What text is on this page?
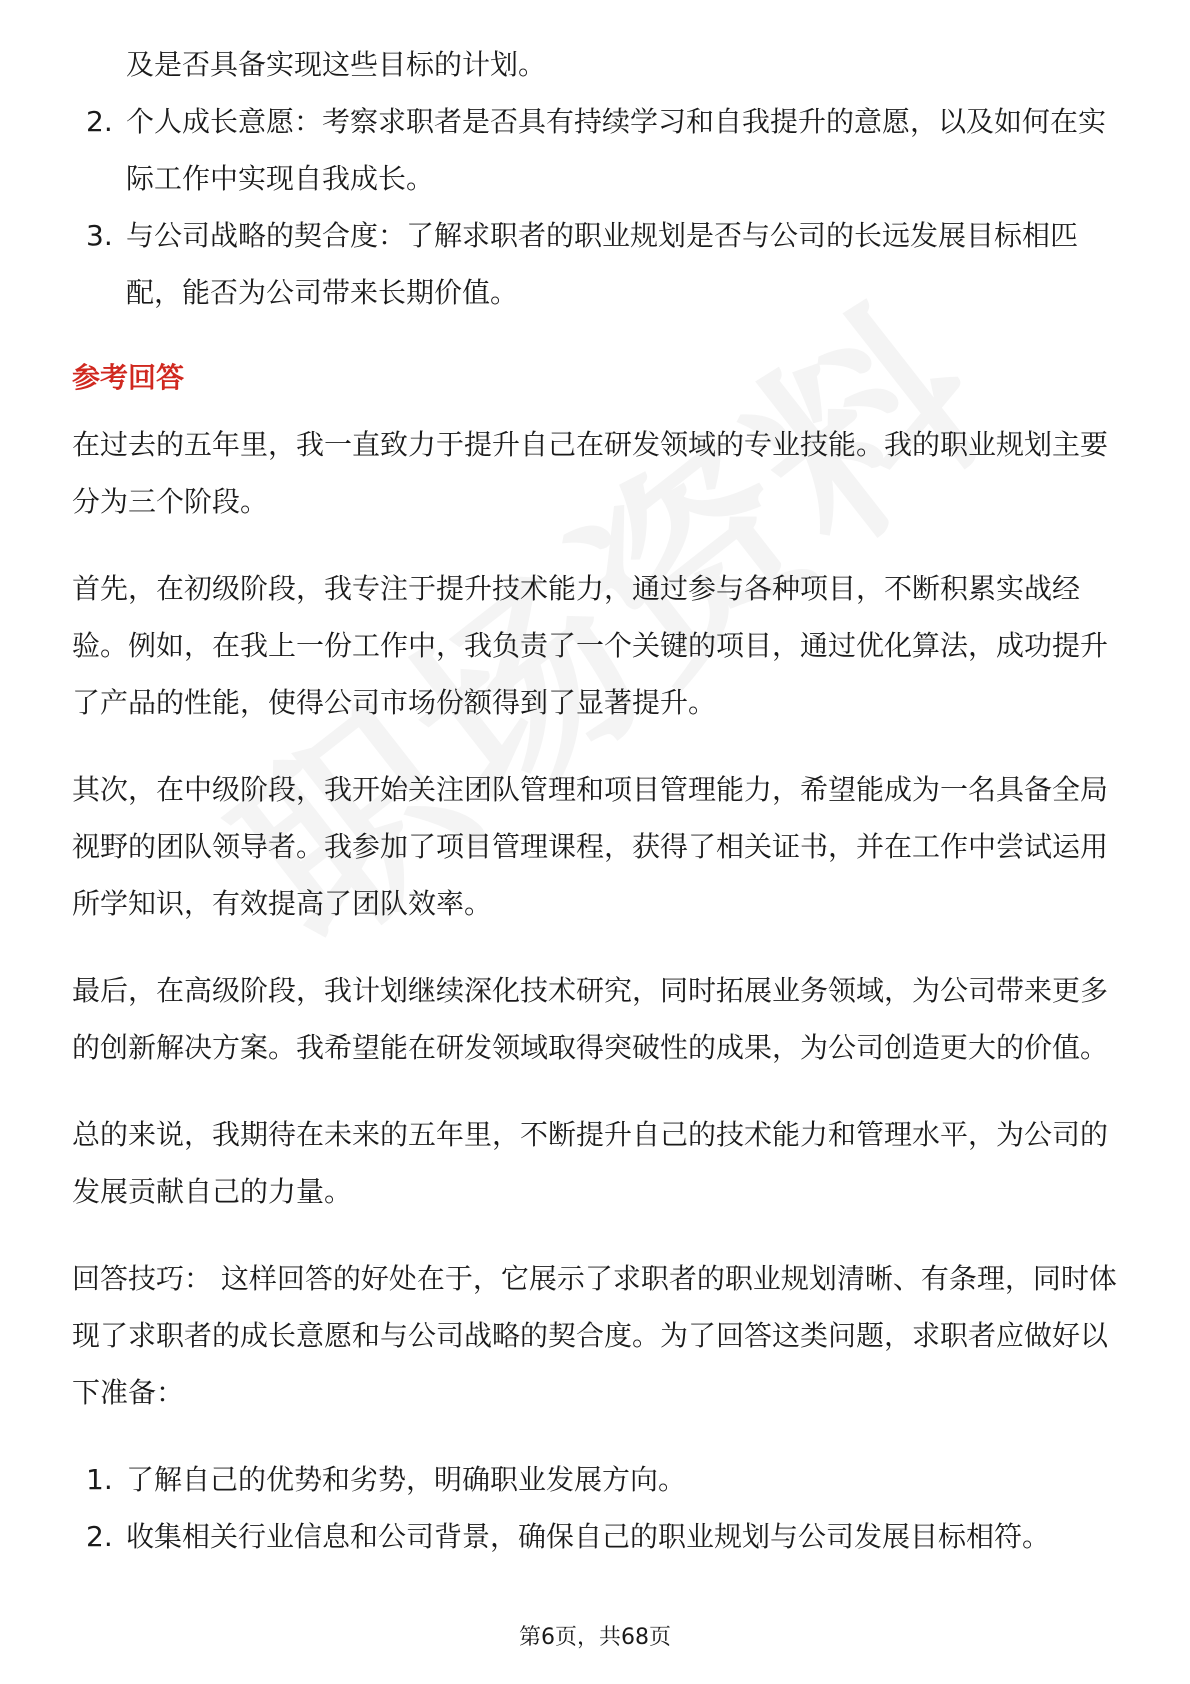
及是否具备实现这些目标的计划。

2. 个人成长意愿：考察求职者是否具有持续学习和自我提升的意愿，以及如何在实际工作中实现自我成长。
3. 与公司战略的契合度：了解求职者的职业规划是否与公司的长远发展目标相匹配，能否为公司带来长期价值。
参考回答

在过去的五年里，我一直致力于提升自己在研发领域的专业技能。我的职业规划主要分为三个阶段。

首先，在初级阶段，我专注于提升技术能力，通过参与各种项目，不断积累实战经验。例如，在我上一份工作中，我负责了一个关键的项目，通过优化算法，成功提升了产品的性能，使得公司市场份额得到了显著提升。

其次，在中级阶段，我开始关注团队管理和项目管理能力，希望能成为一名具备全局视野的团队领导者。我参加了项目管理课程，获得了相关证书，并在工作中尝试运用所学知识，有效提高了团队效率。

最后，在高级阶段，我计划继续深化技术研究，同时拓展业务领域，为公司带来更多的创新解决方案。我希望能在研发领域取得突破性的成果，为公司创造更大的价值。

总的来说，我期待在未来的五年里，不断提升自己的技术能力和管理水平，为公司的发展贡献自己的力量。

回答技巧： 这样回答的好处在于，它展示了求职者的职业规划清晰、有条理，同时体现了求职者的成长意愿和与公司战略的契合度。为了回答这类问题，求职者应做好以下准备：

1. 了解自己的优势和劣势，明确职业发展方向。
2. 收集相关行业信息和公司背景，确保自己的职业规划与公司发展目标相符。
第6页，共68页
